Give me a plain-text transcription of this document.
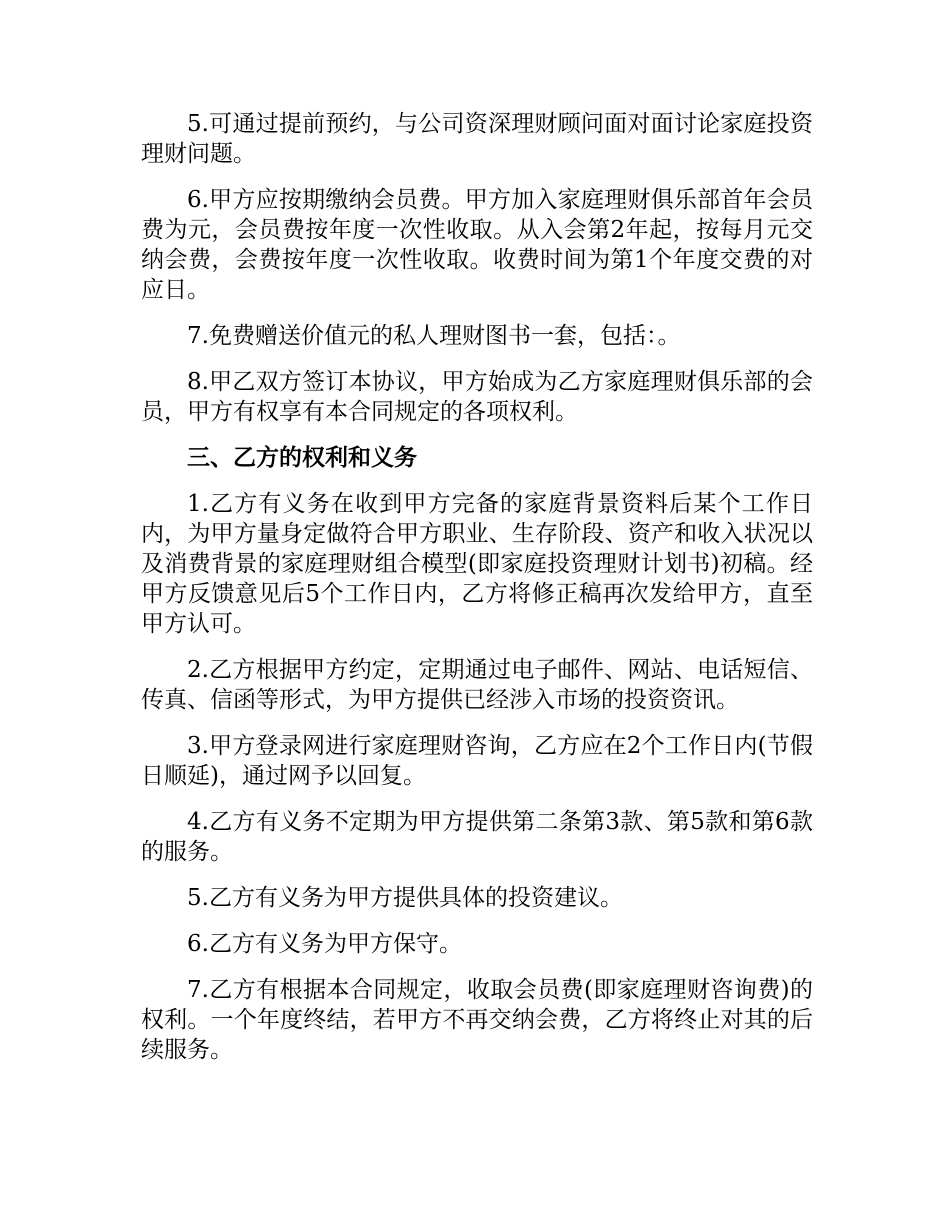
5.可通过提前预约，与公司资深理财顾问面对面讨论家庭投资理财问题。

6.甲方应按期缴纳会员费。甲方加入家庭理财俱乐部首年会员费为元，会员费按年度一次性收取。从入会第2年起，按每月元交纳会费，会费按年度一次性收取。收费时间为第1个年度交费的对应日。

7.免费赠送价值元的私人理财图书一套，包括：。

8.甲乙双方签订本协议，甲方始成为乙方家庭理财俱乐部的会员，甲方有权享有本合同规定的各项权利。

三、乙方的权利和义务

1.乙方有义务在收到甲方完备的家庭背景资料后某个工作日内，为甲方量身定做符合甲方职业、生存阶段、资产和收入状况以及消费背景的家庭理财组合模型(即家庭投资理财计划书)初稿。经甲方反馈意见后5个工作日内，乙方将修正稿再次发给甲方，直至甲方认可。

2.乙方根据甲方约定，定期通过电子邮件、网站、电话短信、传真、信函等形式，为甲方提供已经涉入市场的投资资讯。

3.甲方登录网进行家庭理财咨询，乙方应在2个工作日内(节假日顺延)，通过网予以回复。

4.乙方有义务不定期为甲方提供第二条第3款、第5款和第6款的服务。

5.乙方有义务为甲方提供具体的投资建议。

6.乙方有义务为甲方保守。

7.乙方有根据本合同规定，收取会员费(即家庭理财咨询费)的权利。一个年度终结，若甲方不再交纳会费，乙方将终止对其的后续服务。
